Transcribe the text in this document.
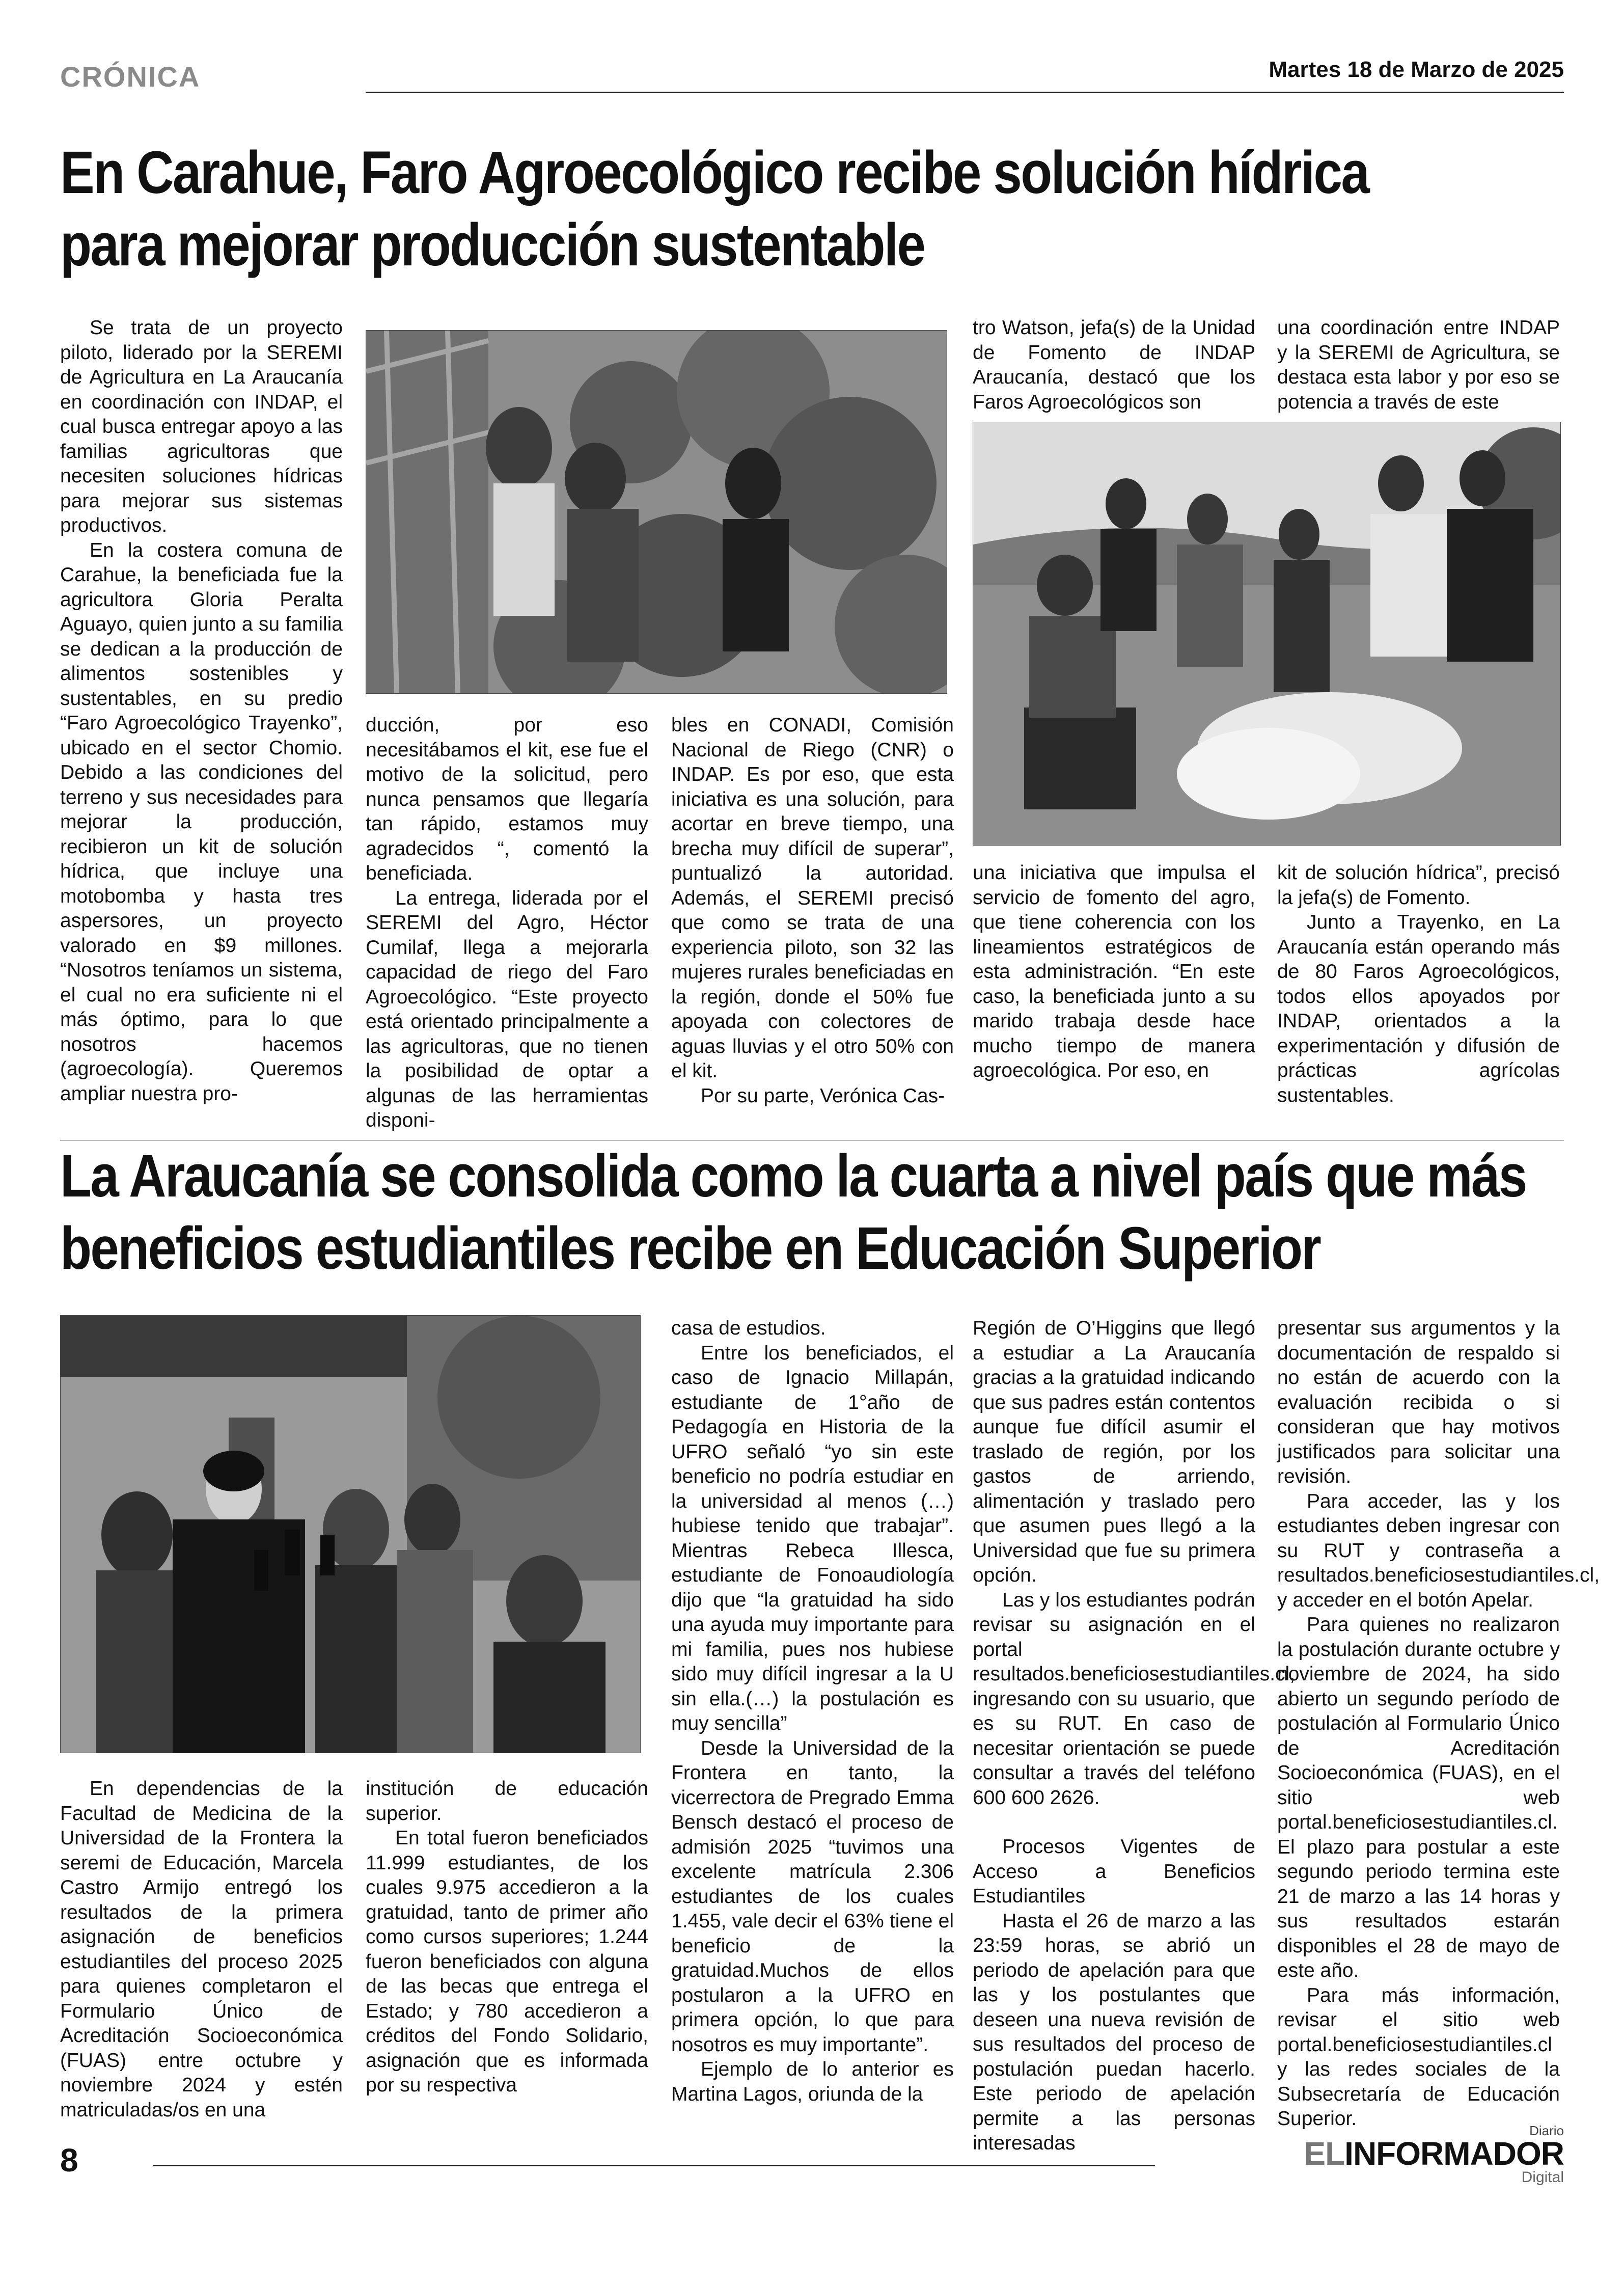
CRÓNICA	Martes 18 de Marzo de 2025
En Carahue, Faro Agroecológico recibe solución hídrica
para mejorar producción sustentable

Se trata de un proyecto piloto, liderado por la SEREMI de Agricultura en La Araucanía en coordinación con INDAP, el cual busca entregar apoyo a las familias agricultoras que necesiten soluciones hídricas para mejorar sus sistemas productivos.

En la costera comuna de Carahue, la beneficiada fue la agricultora Gloria Peralta Aguayo, quien junto a su familia se dedican a la producción de alimentos sostenibles y sustentables, en su predio “Faro Agroecológico Trayenko”, ubicado en el sector Chomio. Debido a las condiciones del terreno y sus necesidades para mejorar la producción, recibieron un kit de solución hídrica, que incluye una motobomba y hasta tres aspersores, un proyecto valorado en $9 millones. “Nosotros teníamos un sistema, el cual no era suficiente ni el más óptimo, para lo que nosotros hacemos (agroecología). Queremos ampliar nuestra pro-

ducción, por eso necesitábamos el kit, ese fue el motivo de la solicitud, pero nunca pensamos que llegaría tan rápido, estamos muy agradecidos “, comentó la beneficiada.

La entrega, liderada por el SEREMI del Agro, Héctor Cumilaf, llega a mejorarla capacidad de riego del Faro Agroecológico. “Este proyecto está orientado principalmente a las agricultoras, que no tienen la posibilidad de optar a algunas de las herramientas disponi-

bles en CONADI, Comisión Nacional de Riego (CNR) o INDAP. Es por eso, que esta iniciativa es una solución, para acortar en breve tiempo, una brecha muy difícil de superar”, puntualizó la autoridad. Además, el SEREMI precisó que como se trata de una experiencia piloto, son 32 las mujeres rurales beneficiadas en la región, donde el 50% fue apoyada con colectores de aguas lluvias y el otro 50% con el kit.

Por su parte, Verónica Cas-

tro Watson, jefa(s) de la Unidad de Fomento de INDAP Araucanía, destacó que los Faros Agroecológicos son

una coordinación entre INDAP y la SEREMI de Agricultura, se destaca esta labor y por eso se potencia a través de este

una iniciativa que impulsa el servicio de fomento del agro, que tiene coherencia con los lineamientos estratégicos de esta administración. “En este caso, la beneficiada junto a su marido trabaja desde hace mucho tiempo de manera agroecológica. Por eso, en

kit de solución hídrica”, precisó la jefa(s) de Fomento.

Junto a Trayenko, en La Araucanía están operando más de 80 Faros Agroecológicos, todos ellos apoyados por INDAP, orientados a la experimentación y difusión de prácticas agrícolas sustentables.

La Araucanía se consolida como la cuarta a nivel país que más
beneficios estudiantiles recibe en Educación Superior

En dependencias de la Facultad de Medicina de la Universidad de la Frontera la seremi de Educación, Marcela Castro Armijo entregó los resultados de la primera asignación de beneficios estudiantiles del proceso 2025 para quienes completaron el Formulario Único de Acreditación Socioeconómica (FUAS) entre octubre y noviembre 2024 y estén matriculadas/os en una

institución de educación superior.

En total fueron beneficiados 11.999 estudiantes, de los cuales 9.975 accedieron a la gratuidad, tanto de primer año como cursos superiores; 1.244 fueron beneficiados con alguna de las becas que entrega el Estado; y 780 accedieron a créditos del Fondo Solidario, asignación que es informada por su respectiva

casa de estudios.

Entre los beneficiados, el caso de Ignacio Millapán, estudiante de 1°año de Pedagogía en Historia de la UFRO señaló “yo sin este beneficio no podría estudiar en la universidad al menos (…) hubiese tenido que trabajar”. Mientras Rebeca Illesca, estudiante de Fonoaudiología dijo que “la gratuidad ha sido una ayuda muy importante para mi familia, pues nos hubiese sido muy difícil ingresar a la U sin ella.(…) la postulación es muy sencilla”

Desde la Universidad de la Frontera en tanto, la vicerrectora de Pregrado Emma Bensch destacó el proceso de admisión 2025 “tuvimos una excelente matrícula 2.306 estudiantes de los cuales 1.455, vale decir el 63% tiene el beneficio de la gratuidad.Muchos de ellos postularon a la UFRO en primera opción, lo que para nosotros es muy importante”.

Ejemplo de lo anterior es Martina Lagos, oriunda de la

Región de O’Higgins que llegó a estudiar a La Araucanía gracias a la gratuidad indicando que sus padres están contentos aunque fue difícil asumir el traslado de región, por los gastos de arriendo, alimentación y traslado pero que asumen pues llegó a la Universidad que fue su primera opción.

Las y los estudiantes podrán revisar su asignación en el portal resultados.beneficiosestudiantiles.cl, ingresando con su usuario, que es su RUT. En caso de necesitar orientación se puede consultar a través del teléfono 600 600 2626.

Procesos Vigentes de Acceso a Beneficios Estudiantiles

Hasta el 26 de marzo a las 23:59 horas, se abrió un periodo de apelación para que las y los postulantes que deseen una nueva revisión de sus resultados del proceso de postulación puedan hacerlo. Este periodo de apelación permite a las personas interesadas

presentar sus argumentos y la documentación de respaldo si no están de acuerdo con la evaluación recibida o si consideran que hay motivos justificados para solicitar una revisión.

Para acceder, las y los estudiantes deben ingresar con su RUT y contraseña a resultados.beneficiosestudiantiles.cl, y acceder en el botón Apelar.

Para quienes no realizaron la postulación durante octubre y noviembre de 2024, ha sido abierto un segundo período de postulación al Formulario Único de Acreditación Socioeconómica (FUAS), en el sitio web portal.beneficiosestudiantiles.cl. El plazo para postular a este segundo periodo termina este 21 de marzo a las 14 horas y sus resultados estarán disponibles el 28 de mayo de este año.

Para más información, revisar el sitio web portal.beneficiosestudiantiles.cl y las redes sociales de la Subsecretaría de Educación Superior.

8
Diario
ELINFORMADOR
Digital
